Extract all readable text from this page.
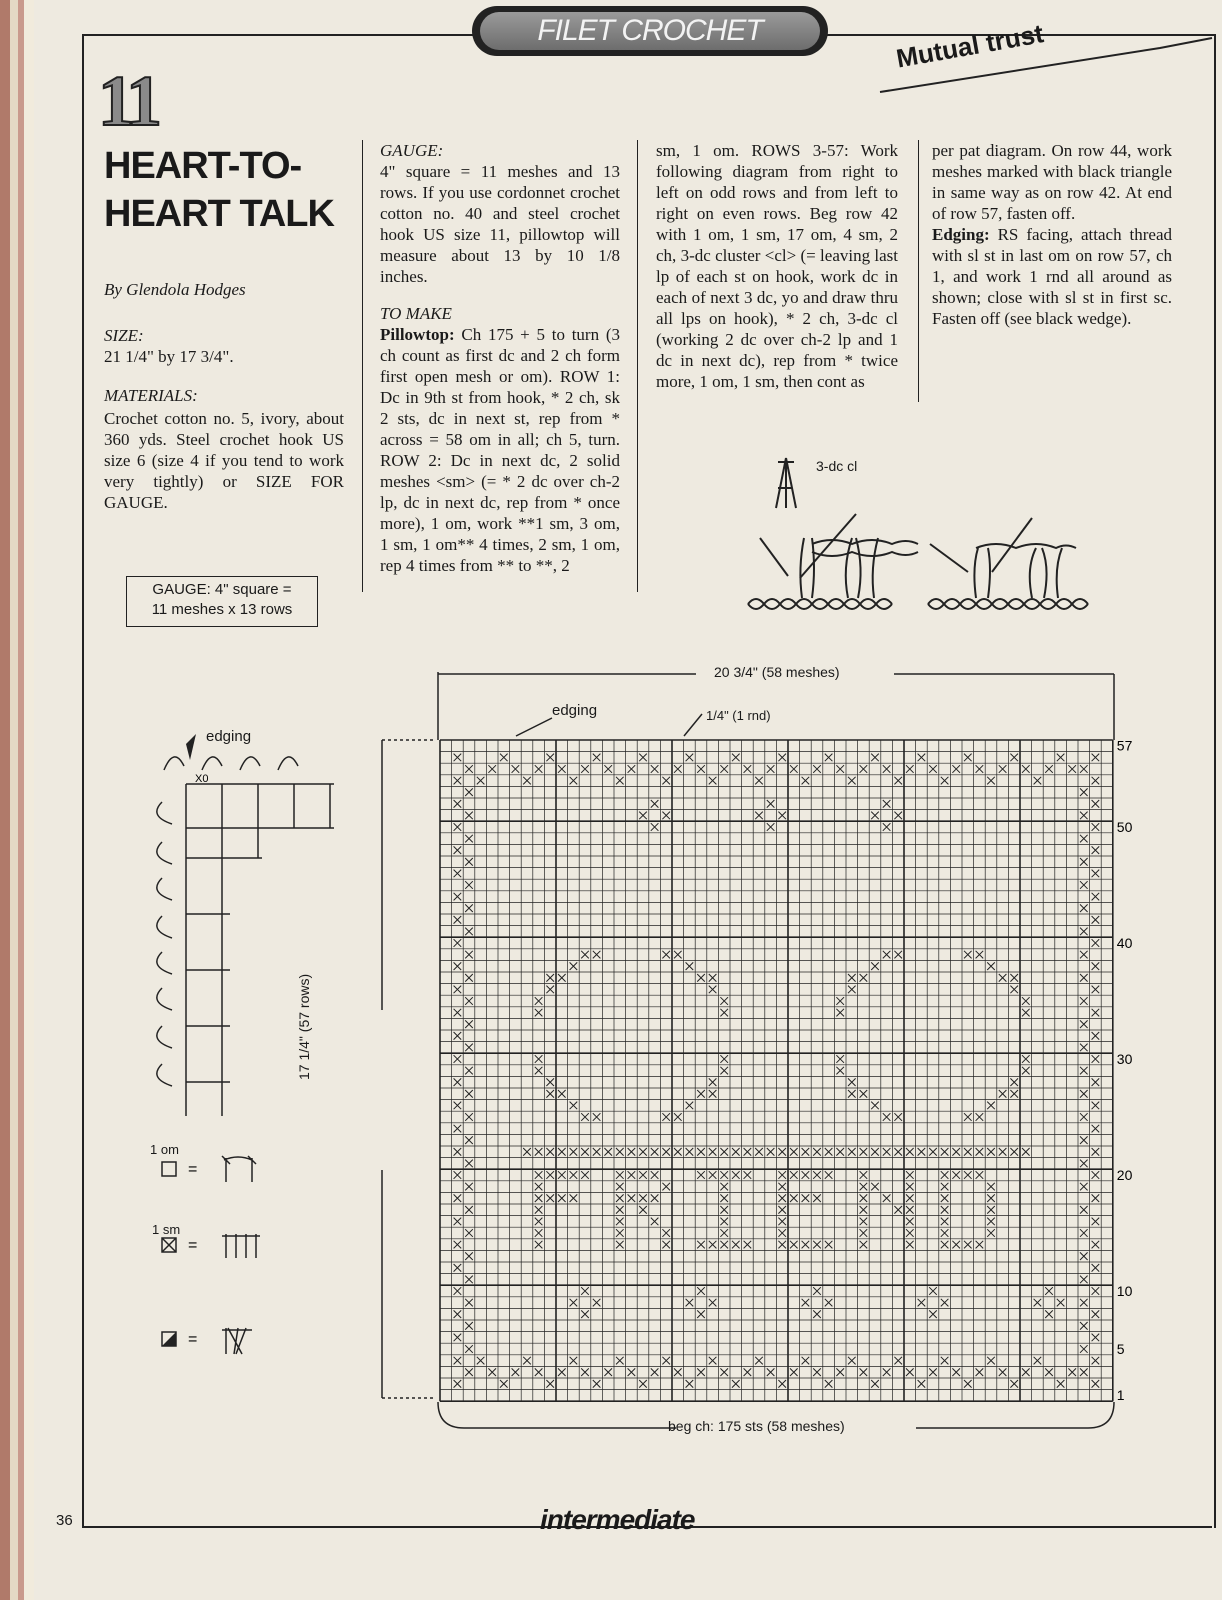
FILET CROCHET	Mutual trust
11
HEART-TO-
HEART TALK
By Glendola Hodges
SIZE:
21 1/4" by 17 3/4".
MATERIALS:
Crochet cotton no. 5, ivory, about 360 yds. Steel crochet hook US size 6 (size 4 if you tend to work very tightly) or SIZE FOR GAUGE.

GAUGE:

4" square = 11 meshes and 13 rows. If you use cordonnet crochet cotton no. 40 and steel crochet hook US size 11, pillowtop will measure about 13 by 10 1/8 inches.

TO MAKE

Pillowtop: Ch 175 + 5 to turn (3 ch count as first dc and 2 ch form first open mesh or om). ROW 1: Dc in 9th st from hook, * 2 ch, sk 2 sts, dc in next st, rep from * across = 58 om in all; ch 5, turn. ROW 2: Dc in next dc, 2 solid meshes <sm> (= * 2 dc over ch-2 lp, dc in next dc, rep from * once more), 1 om, work **1 sm, 3 om, 1 sm, 1 om** 4 times, 2 sm, 1 om, rep 4 times from ** to **, 2

sm, 1 om. ROWS 3-57: Work following diagram from right to left on odd rows and from left to right on even rows. Beg row 42 with 1 om, 1 sm, 17 om, 4 sm, 2 ch, 3-dc cluster <cl> (= leaving last lp of each st on hook, work dc in each of next 3 dc, yo and draw thru all lps on hook), * 2 ch, 3-dc cl (working 2 dc over ch-2 lp and 1 dc in next dc), rep from * twice more, 1 om, 1 sm, then cont as

per pat diagram. On row 44, work meshes marked with black triangle in same way as on row 42. At end of row 57, fasten off.

Edging: RS facing, attach thread with sl st in last om on row 57, ch 1, and work 1 rnd all around as shown; close with sl st in first sc. Fasten off (see black wedge).

GAUGE: 4" square =
11 meshes x 13 rows
3-dc cl
X0
edging
1 om
1 sm
=
=
=
20 3/4" (58 meshes)
edging	1/4" (1 rnd)
17 1/4" (57 rows)
beg ch: 175 sts (58 meshes)
57
50
40
30
20
10
5
1
36	intermediate
